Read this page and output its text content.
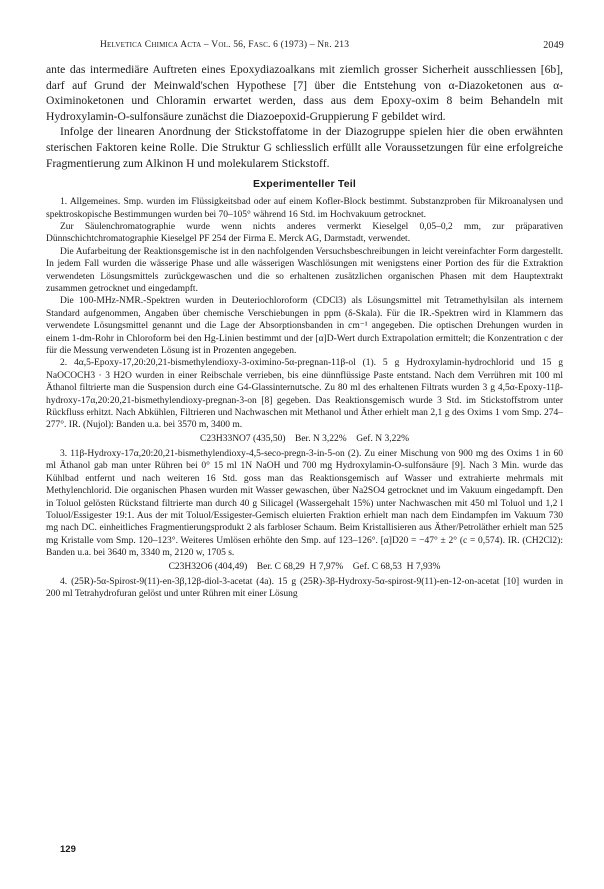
Helvetica Chimica Acta – Vol. 56, Fasc. 6 (1973) – Nr. 213	2049

ante das intermediäre Auftreten eines Epoxydiazoalkans mit ziemlich grosser Sicherheit ausschliessen [6b], darf auf Grund der Meinwald'schen Hypothese [7] über die Entstehung von α-Diazoketonen aus α-Oximinoketonen und Chloramin erwartet werden, dass aus dem Epoxy-oxim 8 beim Behandeln mit Hydroxylamin-O-sulfonsäure zunächst die Diazoepoxid-Gruppierung F gebildet wird.

Infolge der linearen Anordnung der Stickstoffatome in der Diazogruppe spielen hier die oben erwähnten sterischen Faktoren keine Rolle. Die Struktur G schliesslich erfüllt alle Voraussetzungen für eine erfolgreiche Fragmentierung zum Alkinon H und molekularem Stickstoff.

Experimenteller Teil

1. Allgemeines. Smp. wurden im Flüssigkeitsbad oder auf einem Kofler-Block bestimmt. Substanzproben für Mikroanalysen und spektroskopische Bestimmungen wurden bei 70–105° während 16 Std. im Hochvakuum getrocknet.

Zur Säulenchromatographie wurde wenn nichts anderes vermerkt Kieselgel 0,05–0,2 mm, zur präparativen Dünnschichtchromatographie Kieselgel PF 254 der Firma E. Merck AG, Darmstadt, verwendet.

Die Aufarbeitung der Reaktionsgemische ist in den nachfolgenden Versuchsbeschreibungen in leicht vereinfachter Form dargestellt. In jedem Fall wurden die wässerige Phase und alle wässerigen Waschlösungen mit wenigstens einer Portion des für die Extraktion verwendeten Lösungsmittels zurückgewaschen und die so erhaltenen zusätzlichen organischen Phasen mit dem Hauptextrakt zusammen getrocknet und eingedampft.

Die 100-MHz-NMR.-Spektren wurden in Deuteriochloroform (CDCl3) als Lösungsmittel mit Tetramethylsilan als internem Standard aufgenommen, Angaben über chemische Verschiebungen in ppm (δ-Skala). Für die IR.-Spektren wird in Klammern das verwendete Lösungsmittel genannt und die Lage der Absorptionsbanden in cm⁻¹ angegeben. Die optischen Drehungen wurden in einem 1-dm-Rohr in Chloroform bei den Hg-Linien bestimmt und der [α]D-Wert durch Extrapolation ermittelt; die Konzentration c der für die Messung verwendeten Lösung ist in Prozenten angegeben.

2. 4α,5-Epoxy-17,20:20,21-bismethylendioxy-3-oximino-5α-pregnan-11β-ol (1). 5 g Hydroxylamin-hydrochlorid und 15 g NaOCOCH3 · 3 H2O wurden in einer Reibschale verrieben, bis eine dünnflüssige Paste entstand. Nach dem Verrühren mit 100 ml Äthanol filtrierte man die Suspension durch eine G4-Glassinternutsche. Zu 80 ml des erhaltenen Filtrats wurden 3 g 4,5α-Epoxy-11β-hydroxy-17α,20:20,21-bismethylendioxy-pregnan-3-on [8] gegeben. Das Reaktionsgemisch wurde 3 Std. im Stickstoffstrom unter Rückfluss erhitzt. Nach Abkühlen, Filtrieren und Nachwaschen mit Methanol und Äther erhielt man 2,1 g des Oxims 1 vom Smp. 274–277°. IR. (Nujol): Banden u.a. bei 3570 m, 3400 m.

C23H33NO7 (435,50)    Ber. N 3,22%    Gef. N 3,22%

3. 11β-Hydroxy-17α,20:20,21-bismethylendioxy-4,5-seco-pregn-3-in-5-on (2). Zu einer Mischung von 900 mg des Oxims 1 in 60 ml Äthanol gab man unter Rühren bei 0° 15 ml 1N NaOH und 700 mg Hydroxylamin-O-sulfonsäure [9]. Nach 3 Min. wurde das Kühlbad entfernt und nach weiteren 16 Std. goss man das Reaktionsgemisch auf Wasser und extrahierte mehrmals mit Methylenchlorid. Die organischen Phasen wurden mit Wasser gewaschen, über Na2SO4 getrocknet und im Vakuum eingedampft. Den in Toluol gelösten Rückstand filtrierte man durch 40 g Silicagel (Wassergehalt 15%) unter Nachwaschen mit 450 ml Toluol und 1,2 l Toluol/Essigester 19:1. Aus der mit Toluol/Essigester-Gemisch eluierten Fraktion erhielt man nach dem Eindampfen im Vakuum 730 mg nach DC. einheitliches Fragmentierungsprodukt 2 als farbloser Schaum. Beim Kristallisieren aus Äther/Petroläther erhielt man 525 mg Kristalle vom Smp. 120–123°. Weiteres Umlösen erhöhte den Smp. auf 123–126°. [α]D20 = −47° ± 2° (c = 0,574). IR. (CH2Cl2): Banden u.a. bei 3640 m, 3340 m, 2120 w, 1705 s.

C23H32O6 (404,49)    Ber. C 68,29  H 7,97%    Gef. C 68,53  H 7,93%

4. (25R)-5α-Spirost-9(11)-en-3β,12β-diol-3-acetat (4a). 15 g (25R)-3β-Hydroxy-5α-spirost-9(11)-en-12-on-acetat [10] wurden in 200 ml Tetrahydrofuran gelöst und unter Rühren mit einer Lösung

129
